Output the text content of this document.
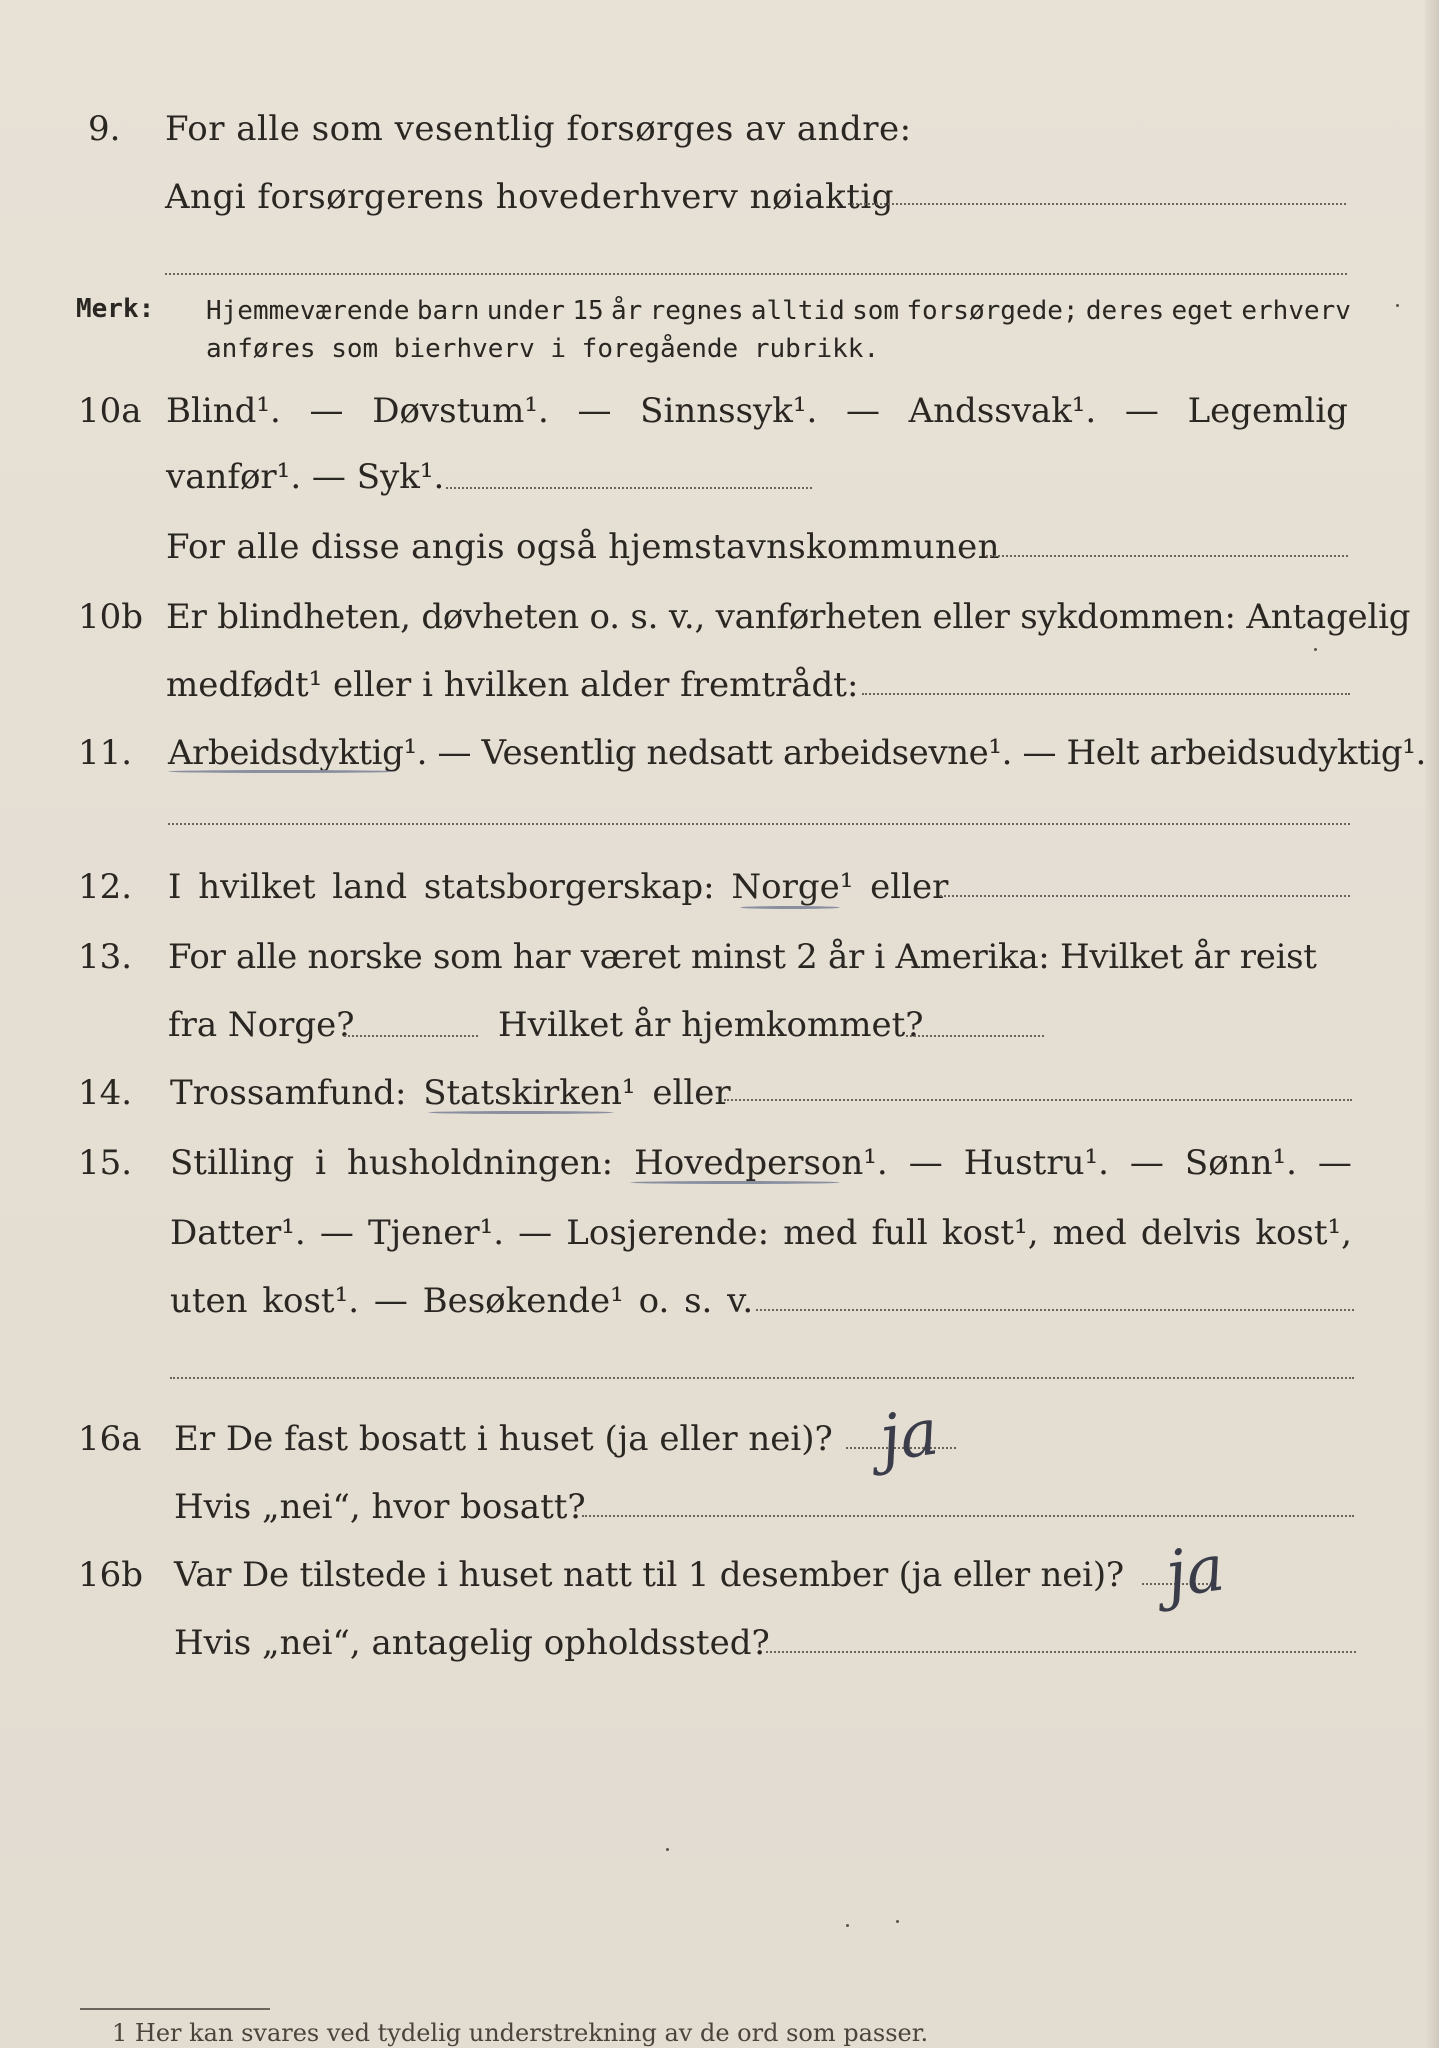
9.	For alle som vesentlig forsørges av andre:
Angi forsørgerens hovederhverv nøiaktig
Merk: Hjemmeværende barn under 15 år regnes alltid som forsørgede; deres eget erhverv
anføres som bierhverv i foregående rubrikk.
10a Blind¹. — Døvstum¹. — Sinnssyk¹. — Andssvak¹. — Legemlig
vanfør¹. — Syk¹.
For alle disse angis også hjemstavnskommunen
10b Er blindheten, døvheten o. s. v., vanførheten eller sykdommen: Antagelig
medfødt¹ eller i hvilken alder fremtrådt:
11.	Arbeidsdyktig¹. — Vesentlig nedsatt arbeidsevne¹. — Helt arbeidsudyktig¹.
12.	I hvilket land statsborgerskap: Norge¹ eller
13.	For alle norske som har været minst 2 år i Amerika: Hvilket år reist
fra Norge?	Hvilket år hjemkommet?
14.	Trossamfund: Statskirken¹ eller
15.	Stilling i husholdningen: Hovedperson¹. — Hustru¹. — Sønn¹. —
Datter¹. — Tjener¹. — Losjerende: med full kost¹, med delvis kost¹,
uten kost¹. — Besøkende¹ o. s. v.
16a Er De fast bosatt i huset (ja eller nei)? ja
Hvis „nei“, hvor bosatt?
16b Var De tilstede i huset natt til 1 desember (ja eller nei)? ja
Hvis „nei“, antagelig opholdssted?
1 Her kan svares ved tydelig understrekning av de ord som passer.
